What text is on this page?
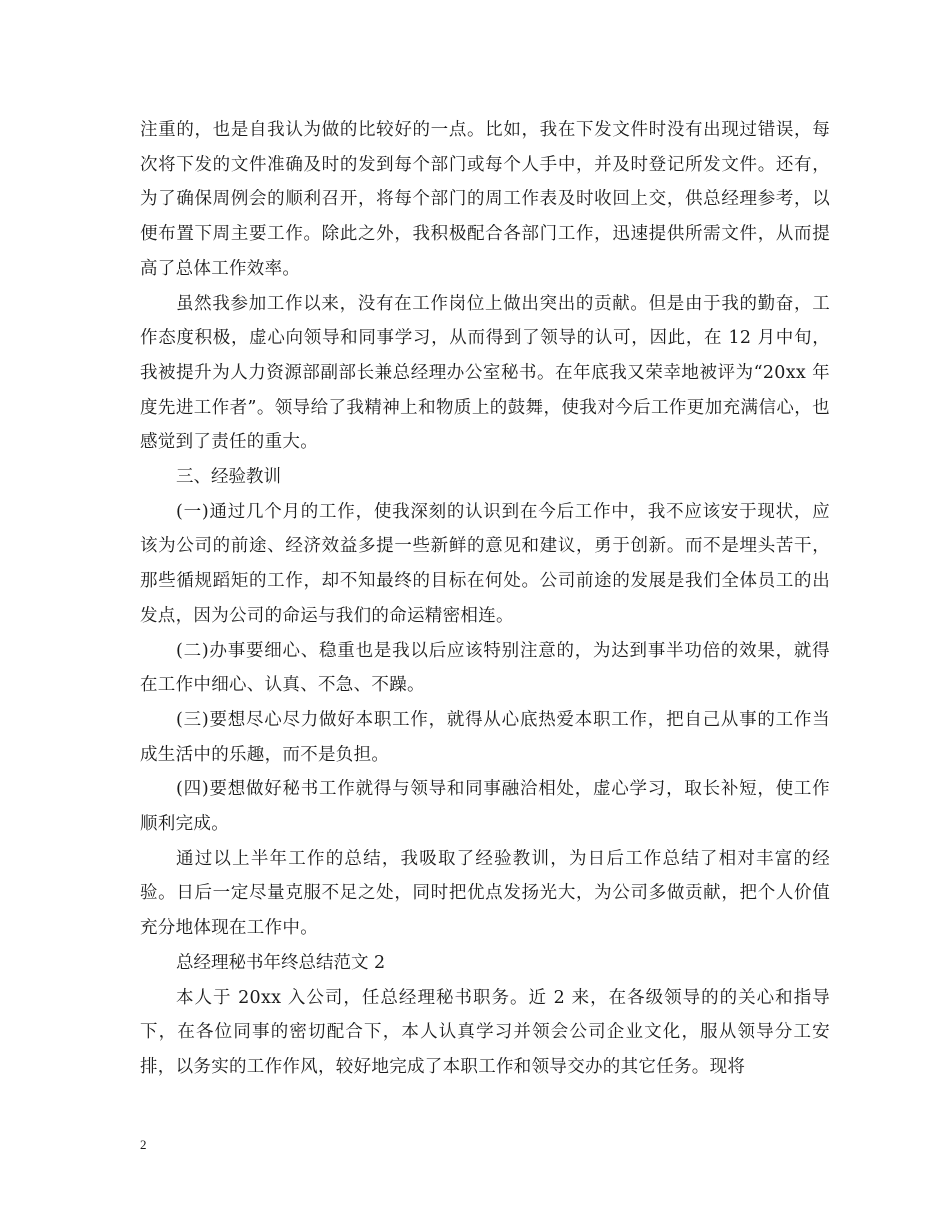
注重的，也是自我认为做的比较好的一点。比如，我在下发文件时没有出现过错误，每次将下发的文件准确及时的发到每个部门或每个人手中，并及时登记所发文件。还有，为了确保周例会的顺利召开，将每个部门的周工作表及时收回上交，供总经理参考，以便布置下周主要工作。除此之外，我积极配合各部门工作，迅速提供所需文件，从而提高了总体工作效率。

虽然我参加工作以来，没有在工作岗位上做出突出的贡献。但是由于我的勤奋，工作态度积极，虚心向领导和同事学习，从而得到了领导的认可，因此，在 12 月中旬，我被提升为人力资源部副部长兼总经理办公室秘书。在年底我又荣幸地被评为“20xx 年度先进工作者”。领导给了我精神上和物质上的鼓舞，使我对今后工作更加充满信心，也感觉到了责任的重大。

三、经验教训

(一)通过几个月的工作，使我深刻的认识到在今后工作中，我不应该安于现状，应该为公司的前途、经济效益多提一些新鲜的意见和建议，勇于创新。而不是埋头苦干，那些循规蹈矩的工作，却不知最终的目标在何处。公司前途的发展是我们全体员工的出发点，因为公司的命运与我们的命运精密相连。

(二)办事要细心、稳重也是我以后应该特别注意的，为达到事半功倍的效果，就得在工作中细心、认真、不急、不躁。

(三)要想尽心尽力做好本职工作，就得从心底热爱本职工作，把自己从事的工作当成生活中的乐趣，而不是负担。

(四)要想做好秘书工作就得与领导和同事融洽相处，虚心学习，取长补短，使工作顺利完成。

通过以上半年工作的总结，我吸取了经验教训，为日后工作总结了相对丰富的经验。日后一定尽量克服不足之处，同时把优点发扬光大，为公司多做贡献，把个人价值充分地体现在工作中。

总经理秘书年终总结范文 2

本人于 20xx 入公司，任总经理秘书职务。近 2 来，在各级领导的的关心和指导下，在各位同事的密切配合下，本人认真学习并领会公司企业文化，服从领导分工安排，以务实的工作作风，较好地完成了本职工作和领导交办的其它任务。现将

2
